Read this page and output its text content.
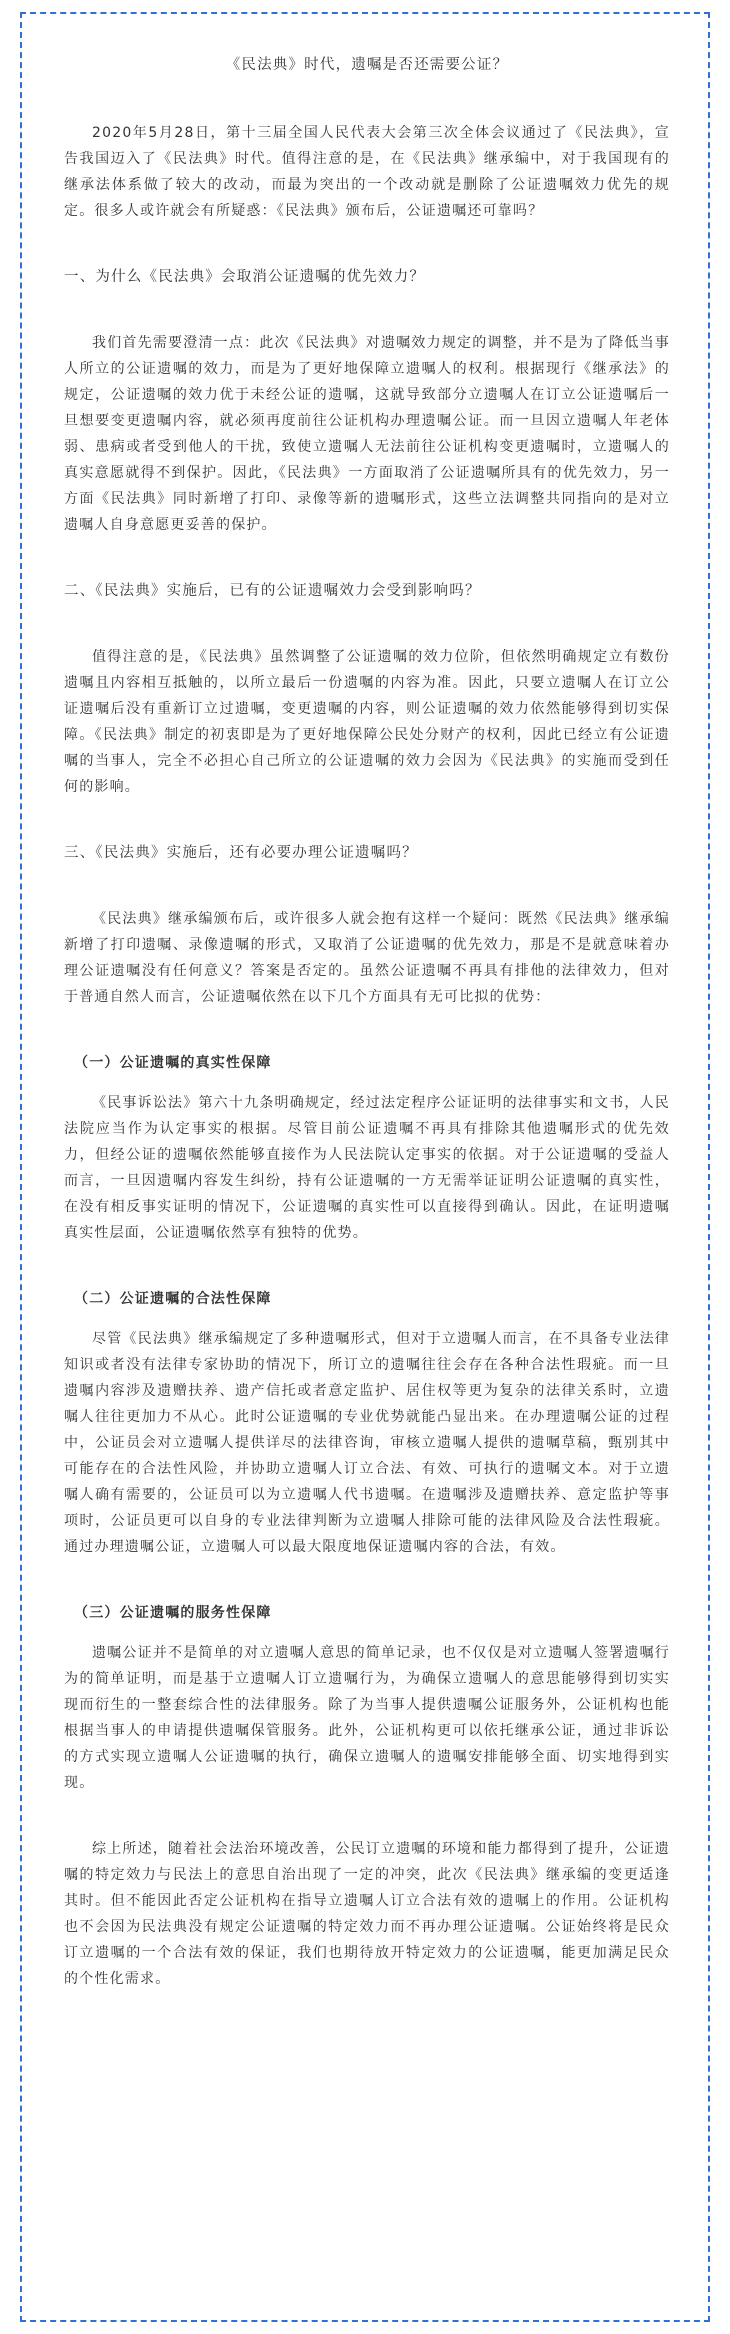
《民法典》时代，遗嘱是否还需要公证？

2020年5月28日，第十三届全国人民代表大会第三次全体会议通过了《民法典》，宣告我国迈入了《民法典》时代。值得注意的是，在《民法典》继承编中，对于我国现有的继承法体系做了较大的改动，而最为突出的一个改动就是删除了公证遗嘱效力优先的规定。很多人或许就会有所疑惑：《民法典》颁布后，公证遗嘱还可靠吗？

一、为什么《民法典》会取消公证遗嘱的优先效力？

我们首先需要澄清一点：此次《民法典》对遗嘱效力规定的调整，并不是为了降低当事人所立的公证遗嘱的效力，而是为了更好地保障立遗嘱人的权利。根据现行《继承法》的规定，公证遗嘱的效力优于未经公证的遗嘱，这就导致部分立遗嘱人在订立公证遗嘱后一旦想要变更遗嘱内容，就必须再度前往公证机构办理遗嘱公证。而一旦因立遗嘱人年老体弱、患病或者受到他人的干扰，致使立遗嘱人无法前往公证机构变更遗嘱时，立遗嘱人的真实意愿就得不到保护。因此，《民法典》一方面取消了公证遗嘱所具有的优先效力，另一方面《民法典》同时新增了打印、录像等新的遗嘱形式，这些立法调整共同指向的是对立遗嘱人自身意愿更妥善的保护。

二、《民法典》实施后，已有的公证遗嘱效力会受到影响吗？

值得注意的是，《民法典》虽然调整了公证遗嘱的效力位阶，但依然明确规定立有数份遗嘱且内容相互抵触的，以所立最后一份遗嘱的内容为准。因此，只要立遗嘱人在订立公证遗嘱后没有重新订立过遗嘱，变更遗嘱的内容，则公证遗嘱的效力依然能够得到切实保障。《民法典》制定的初衷即是为了更好地保障公民处分财产的权利，因此已经立有公证遗嘱的当事人，完全不必担心自己所立的公证遗嘱的效力会因为《民法典》的实施而受到任何的影响。

三、《民法典》实施后，还有必要办理公证遗嘱吗？

《民法典》继承编颁布后，或许很多人就会抱有这样一个疑问：既然《民法典》继承编新增了打印遗嘱、录像遗嘱的形式，又取消了公证遗嘱的优先效力，那是不是就意味着办理公证遗嘱没有任何意义？答案是否定的。虽然公证遗嘱不再具有排他的法律效力，但对于普通自然人而言，公证遗嘱依然在以下几个方面具有无可比拟的优势：

（一）公证遗嘱的真实性保障

《民事诉讼法》第六十九条明确规定，经过法定程序公证证明的法律事实和文书，人民法院应当作为认定事实的根据。尽管目前公证遗嘱不再具有排除其他遗嘱形式的优先效力，但经公证的遗嘱依然能够直接作为人民法院认定事实的依据。对于公证遗嘱的受益人而言，一旦因遗嘱内容发生纠纷，持有公证遗嘱的一方无需举证证明公证遗嘱的真实性，在没有相反事实证明的情况下，公证遗嘱的真实性可以直接得到确认。因此，在证明遗嘱真实性层面，公证遗嘱依然享有独特的优势。

（二）公证遗嘱的合法性保障

尽管《民法典》继承编规定了多种遗嘱形式，但对于立遗嘱人而言，在不具备专业法律知识或者没有法律专家协助的情况下，所订立的遗嘱往往会存在各种合法性瑕疵。而一旦遗嘱内容涉及遗赠扶养、遗产信托或者意定监护、居住权等更为复杂的法律关系时，立遗嘱人往往更加力不从心。此时公证遗嘱的专业优势就能凸显出来。在办理遗嘱公证的过程中，公证员会对立遗嘱人提供详尽的法律咨询，审核立遗嘱人提供的遗嘱草稿，甄别其中可能存在的合法性风险，并协助立遗嘱人订立合法、有效、可执行的遗嘱文本。对于立遗嘱人确有需要的，公证员可以为立遗嘱人代书遗嘱。在遗嘱涉及遗赠扶养、意定监护等事项时，公证员更可以自身的专业法律判断为立遗嘱人排除可能的法律风险及合法性瑕疵。通过办理遗嘱公证，立遗嘱人可以最大限度地保证遗嘱内容的合法，有效。

（三）公证遗嘱的服务性保障

遗嘱公证并不是简单的对立遗嘱人意思的简单记录，也不仅仅是对立遗嘱人签署遗嘱行为的简单证明，而是基于立遗嘱人订立遗嘱行为，为确保立遗嘱人的意思能够得到切实实现而衍生的一整套综合性的法律服务。除了为当事人提供遗嘱公证服务外，公证机构也能根据当事人的申请提供遗嘱保管服务。此外，公证机构更可以依托继承公证，通过非诉讼的方式实现立遗嘱人公证遗嘱的执行，确保立遗嘱人的遗嘱安排能够全面、切实地得到实现。

综上所述，随着社会法治环境改善，公民订立遗嘱的环境和能力都得到了提升，公证遗嘱的特定效力与民法上的意思自治出现了一定的冲突，此次《民法典》继承编的变更适逢其时。但不能因此否定公证机构在指导立遗嘱人订立合法有效的遗嘱上的作用。公证机构也不会因为民法典没有规定公证遗嘱的特定效力而不再办理公证遗嘱。公证始终将是民众订立遗嘱的一个合法有效的保证，我们也期待放开特定效力的公证遗嘱，能更加满足民众的个性化需求。
